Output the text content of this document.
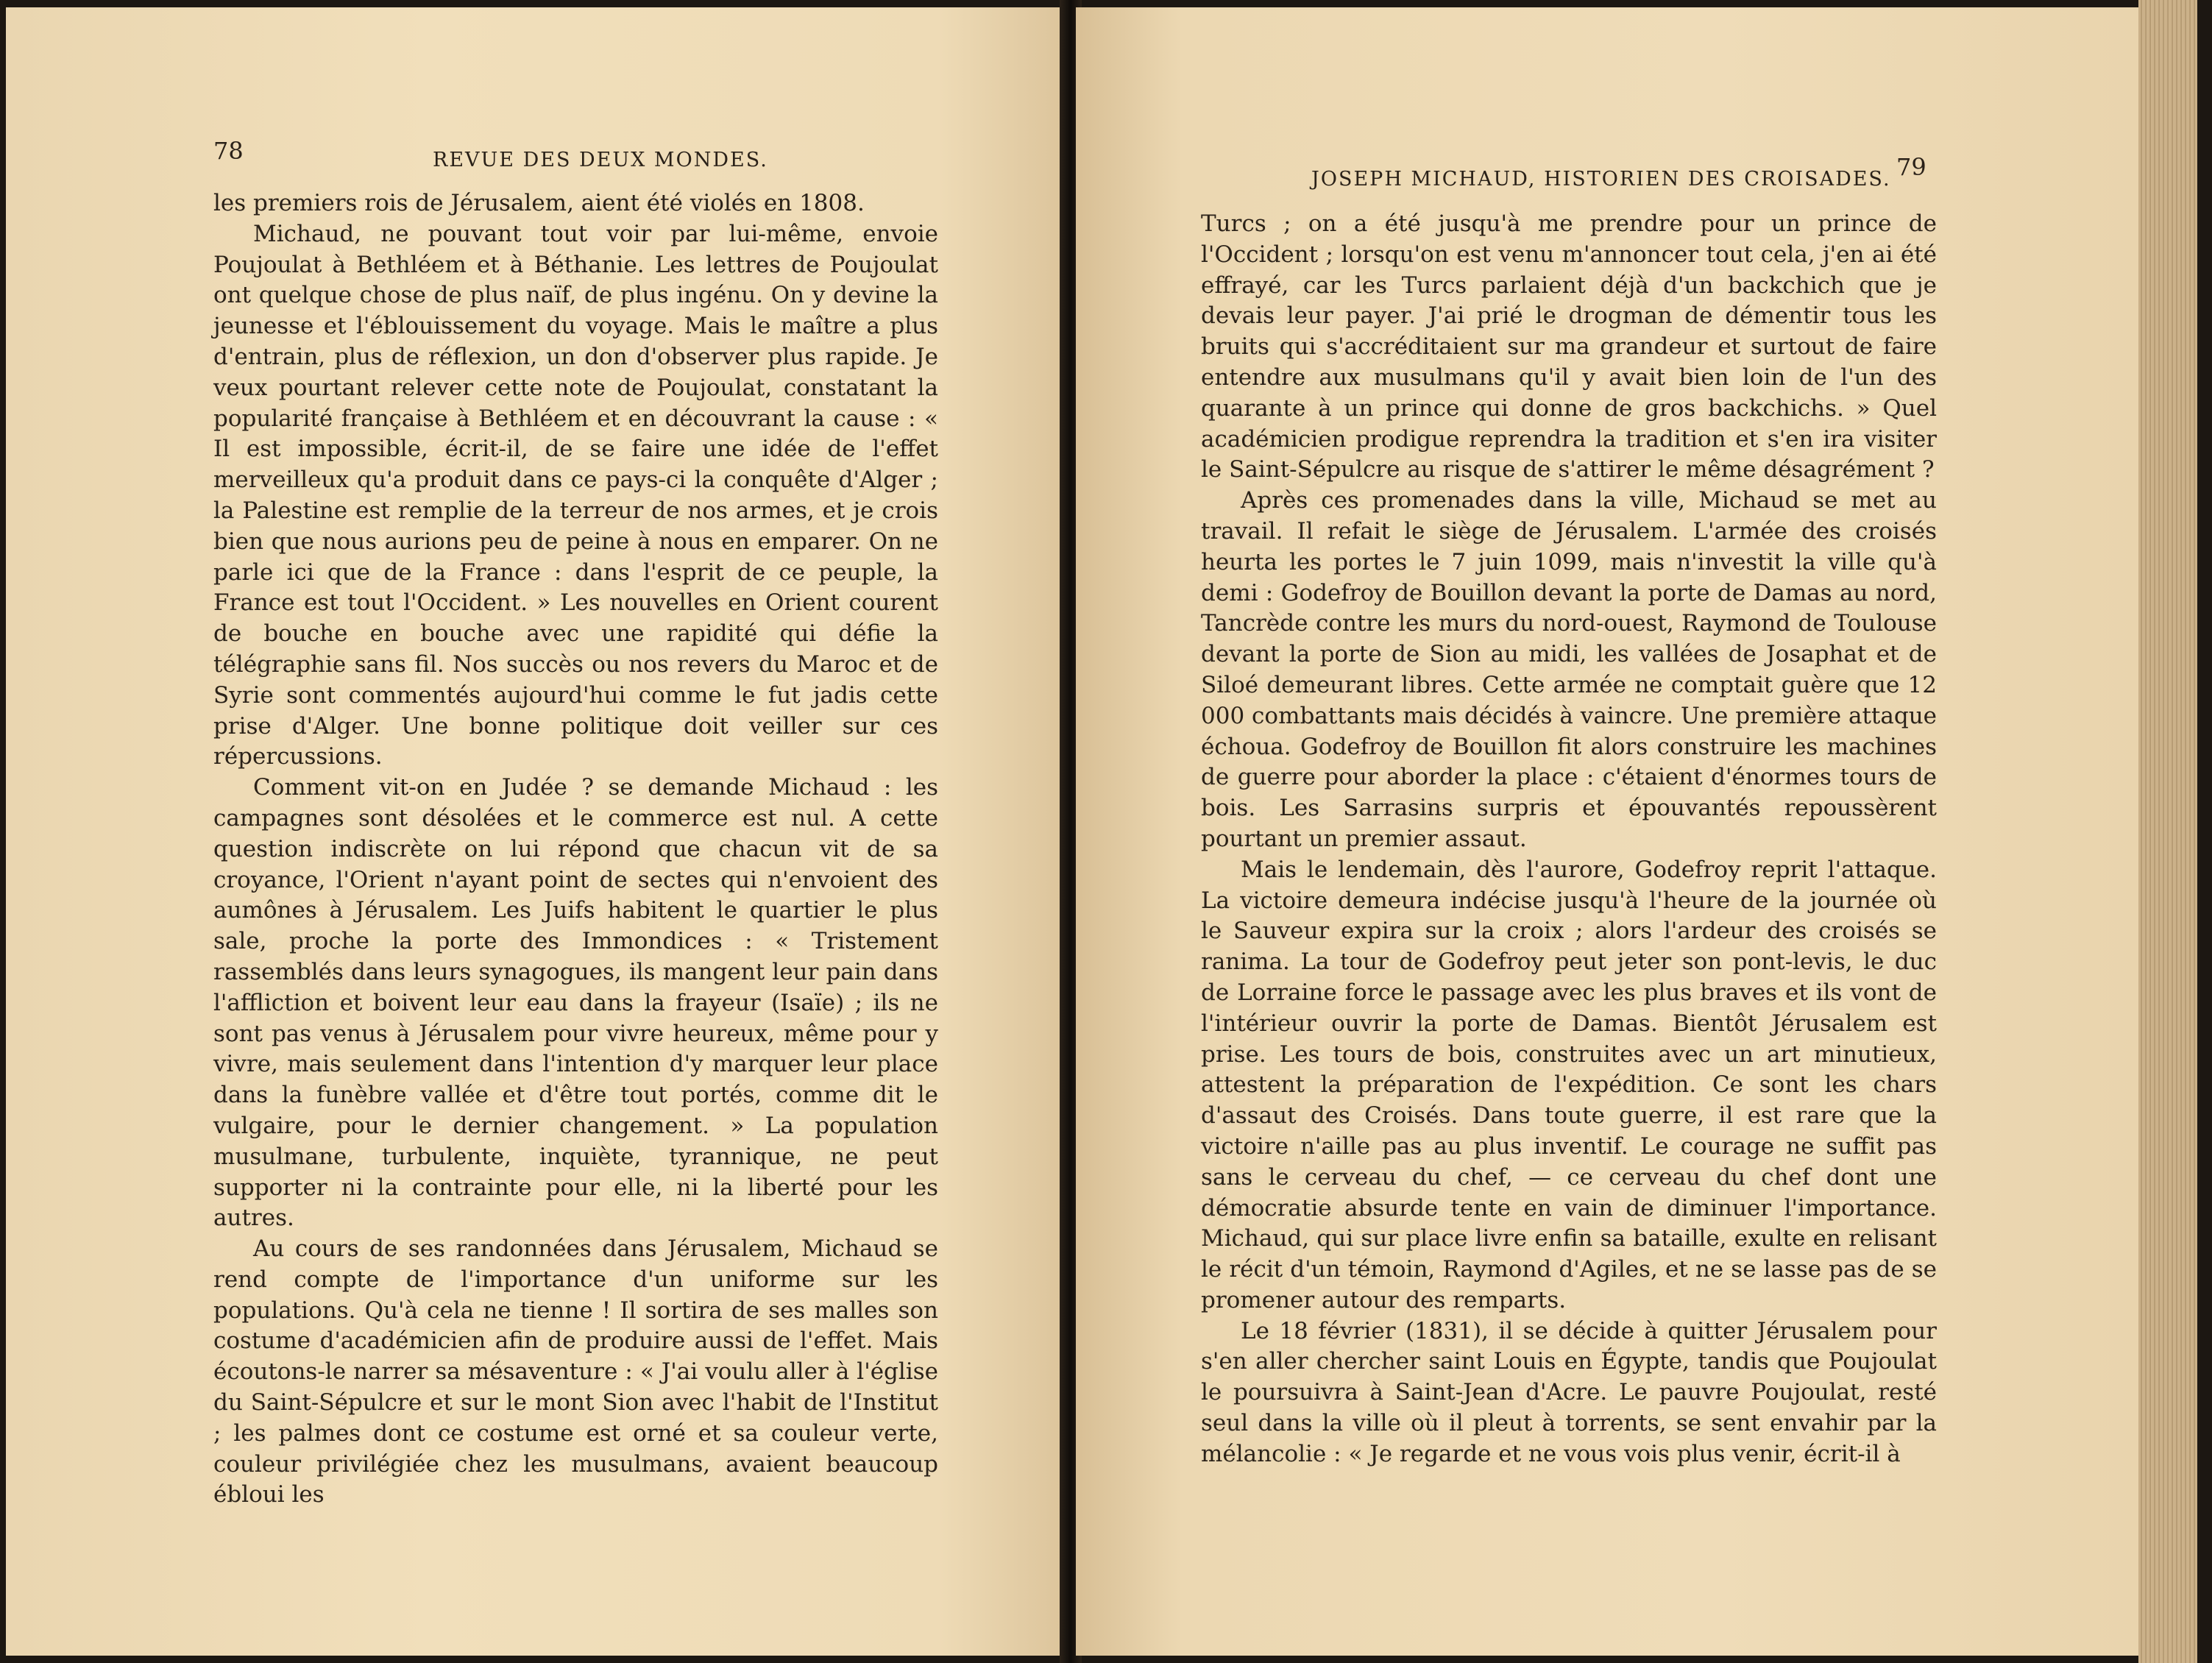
78	REVUE DES DEUX MONDES.

les premiers rois de Jérusalem, aient été violés en 1808.

Michaud, ne pouvant tout voir par lui-même, envoie Poujoulat à Bethléem et à Béthanie. Les lettres de Poujoulat ont quelque chose de plus naïf, de plus ingénu. On y devine la jeunesse et l'éblouissement du voyage. Mais le maître a plus d'entrain, plus de réflexion, un don d'observer plus rapide. Je veux pourtant relever cette note de Poujoulat, constatant la popularité française à Bethléem et en découvrant la cause : « Il est impossible, écrit-il, de se faire une idée de l'effet merveilleux qu'a produit dans ce pays-ci la conquête d'Alger ; la Palestine est remplie de la terreur de nos armes, et je crois bien que nous aurions peu de peine à nous en emparer. On ne parle ici que de la France : dans l'esprit de ce peuple, la France est tout l'Occident. » Les nouvelles en Orient courent de bouche en bouche avec une rapidité qui défie la télégraphie sans fil. Nos succès ou nos revers du Maroc et de Syrie sont commentés aujourd'hui comme le fut jadis cette prise d'Alger. Une bonne politique doit veiller sur ces répercussions.

Comment vit-on en Judée ? se demande Michaud : les campagnes sont désolées et le commerce est nul. A cette question indiscrète on lui répond que chacun vit de sa croyance, l'Orient n'ayant point de sectes qui n'envoient des aumônes à Jérusalem. Les Juifs habitent le quartier le plus sale, proche la porte des Immondices : « Tristement rassemblés dans leurs synagogues, ils mangent leur pain dans l'affliction et boivent leur eau dans la frayeur (Isaïe) ; ils ne sont pas venus à Jérusalem pour vivre heureux, même pour y vivre, mais seulement dans l'intention d'y marquer leur place dans la funèbre vallée et d'être tout portés, comme dit le vulgaire, pour le dernier changement. » La population musulmane, turbulente, inquiète, tyrannique, ne peut supporter ni la contrainte pour elle, ni la liberté pour les autres.

Au cours de ses randonnées dans Jérusalem, Michaud se rend compte de l'importance d'un uniforme sur les populations. Qu'à cela ne tienne ! Il sortira de ses malles son costume d'académicien afin de produire aussi de l'effet. Mais écoutons-le narrer sa mésaventure : « J'ai voulu aller à l'église du Saint-Sépulcre et sur le mont Sion avec l'habit de l'Institut ; les palmes dont ce costume est orné et sa couleur verte, couleur privilégiée chez les musulmans, avaient beaucoup ébloui les

JOSEPH MICHAUD, HISTORIEN DES CROISADES. 79

Turcs ; on a été jusqu'à me prendre pour un prince de l'Occident ; lorsqu'on est venu m'annoncer tout cela, j'en ai été effrayé, car les Turcs parlaient déjà d'un backchich que je devais leur payer. J'ai prié le drogman de démentir tous les bruits qui s'accréditaient sur ma grandeur et surtout de faire entendre aux musulmans qu'il y avait bien loin de l'un des quarante à un prince qui donne de gros backchichs. » Quel académicien prodigue reprendra la tradition et s'en ira visiter le Saint-Sépulcre au risque de s'attirer le même désagrément ?

Après ces promenades dans la ville, Michaud se met au travail. Il refait le siège de Jérusalem. L'armée des croisés heurta les portes le 7 juin 1099, mais n'investit la ville qu'à demi : Godefroy de Bouillon devant la porte de Damas au nord, Tancrède contre les murs du nord-ouest, Raymond de Toulouse devant la porte de Sion au midi, les vallées de Josaphat et de Siloé demeurant libres. Cette armée ne comptait guère que 12 000 combattants mais décidés à vaincre. Une première attaque échoua. Godefroy de Bouillon fit alors construire les machines de guerre pour aborder la place : c'étaient d'énormes tours de bois. Les Sarrasins surpris et épouvantés repoussèrent pourtant un premier assaut.

Mais le lendemain, dès l'aurore, Godefroy reprit l'attaque. La victoire demeura indécise jusqu'à l'heure de la journée où le Sauveur expira sur la croix ; alors l'ardeur des croisés se ranima. La tour de Godefroy peut jeter son pont-levis, le duc de Lorraine force le passage avec les plus braves et ils vont de l'intérieur ouvrir la porte de Damas. Bientôt Jérusalem est prise. Les tours de bois, construites avec un art minutieux, attestent la préparation de l'expédition. Ce sont les chars d'assaut des Croisés. Dans toute guerre, il est rare que la victoire n'aille pas au plus inventif. Le courage ne suffit pas sans le cerveau du chef, — ce cerveau du chef dont une démocratie absurde tente en vain de diminuer l'importance. Michaud, qui sur place livre enfin sa bataille, exulte en relisant le récit d'un témoin, Raymond d'Agiles, et ne se lasse pas de se promener autour des remparts.

Le 18 février (1831), il se décide à quitter Jérusalem pour s'en aller chercher saint Louis en Égypte, tandis que Poujoulat le poursuivra à Saint-Jean d'Acre. Le pauvre Poujoulat, resté seul dans la ville où il pleut à torrents, se sent envahir par la mélancolie : « Je regarde et ne vous vois plus venir, écrit-il à
